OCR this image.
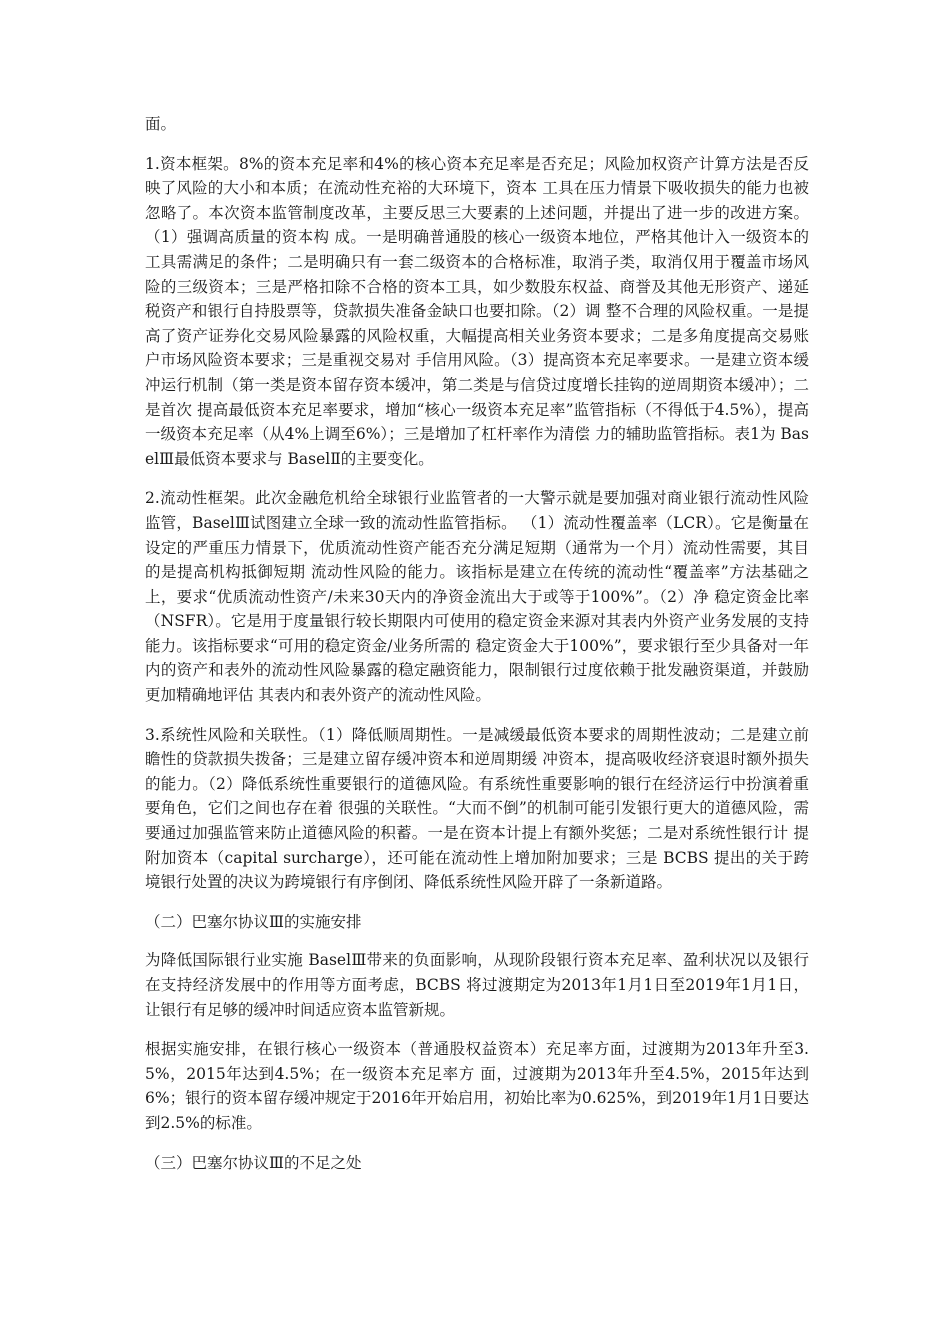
面。

1.资本框架。8%的资本充足率和4%的核心资本充足率是否充足；风险加权资产计算方法是否反映了风险的大小和本质；在流动性充裕的大环境下，资本 工具在压力情景下吸收损失的能力也被忽略了。本次资本监管制度改革，主要反思三大要素的上述问题，并提出了进一步的改进方案。（1）强调高质量的资本构 成。一是明确普通股的核心一级资本地位，严格其他计入一级资本的工具需满足的条件；二是明确只有一套二级资本的合格标准，取消子类，取消仅用于覆盖市场风 险的三级资本；三是严格扣除不合格的资本工具，如少数股东权益、商誉及其他无形资产、递延税资产和银行自持股票等，贷款损失准备金缺口也要扣除。（2）调 整不合理的风险权重。一是提高了资产证券化交易风险暴露的风险权重，大幅提高相关业务资本要求；二是多角度提高交易账户市场风险资本要求；三是重视交易对 手信用风险。（3）提高资本充足率要求。一是建立资本缓冲运行机制（第一类是资本留存资本缓冲，第二类是与信贷过度增长挂钩的逆周期资本缓冲）；二是首次 提高最低资本充足率要求，增加“核心一级资本充足率”监管指标（不得低于4.5%），提高一级资本充足率（从4%上调至6%）；三是增加了杠杆率作为清偿 力的辅助监管指标。表1为 BaselⅢ最低资本要求与 BaselⅡ的主要变化。

2.流动性框架。此次金融危机给全球银行业监管者的一大警示就是要加强对商业银行流动性风险监管，BaselⅢ试图建立全球一致的流动性监管指标。 （1）流动性覆盖率（LCR）。它是衡量在设定的严重压力情景下，优质流动性资产能否充分满足短期（通常为一个月）流动性需要，其目的是提高机构抵御短期 流动性风险的能力。该指标是建立在传统的流动性“覆盖率”方法基础之上，要求“优质流动性资产/未来30天内的净资金流出大于或等于100%”。（2）净 稳定资金比率（NSFR）。它是用于度量银行较长期限内可使用的稳定资金来源对其表内外资产业务发展的支持能力。该指标要求“可用的稳定资金/业务所需的 稳定资金大于100%”，要求银行至少具备对一年内的资产和表外的流动性风险暴露的稳定融资能力，限制银行过度依赖于批发融资渠道，并鼓励更加精确地评估 其表内和表外资产的流动性风险。

3.系统性风险和关联性。（1）降低顺周期性。一是减缓最低资本要求的周期性波动；二是建立前瞻性的贷款损失拨备；三是建立留存缓冲资本和逆周期缓 冲资本，提高吸收经济衰退时额外损失的能力。（2）降低系统性重要银行的道德风险。有系统性重要影响的银行在经济运行中扮演着重要角色，它们之间也存在着 很强的关联性。“大而不倒”的机制可能引发银行更大的道德风险，需要通过加强监管来防止道德风险的积蓄。一是在资本计提上有额外奖惩；二是对系统性银行计 提附加资本（capital surcharge），还可能在流动性上增加附加要求；三是 BCBS 提出的关于跨境银行处置的决议为跨境银行有序倒闭、降低系统性风险开辟了一条新道路。

（二）巴塞尔协议Ⅲ的实施安排

为降低国际银行业实施 BaselⅢ带来的负面影响，从现阶段银行资本充足率、盈利状况以及银行在支持经济发展中的作用等方面考虑，BCBS 将过渡期定为2013年1月1日至2019年1月1日，让银行有足够的缓冲时间适应资本监管新规。

根据实施安排，在银行核心一级资本（普通股权益资本）充足率方面，过渡期为2013年升至3.5%，2015年达到4.5%；在一级资本充足率方 面，过渡期为2013年升至4.5%，2015年达到6%；银行的资本留存缓冲规定于2016年开始启用，初始比率为0.625%，到2019年1月1日要达到2.5%的标准。

（三）巴塞尔协议Ⅲ的不足之处
